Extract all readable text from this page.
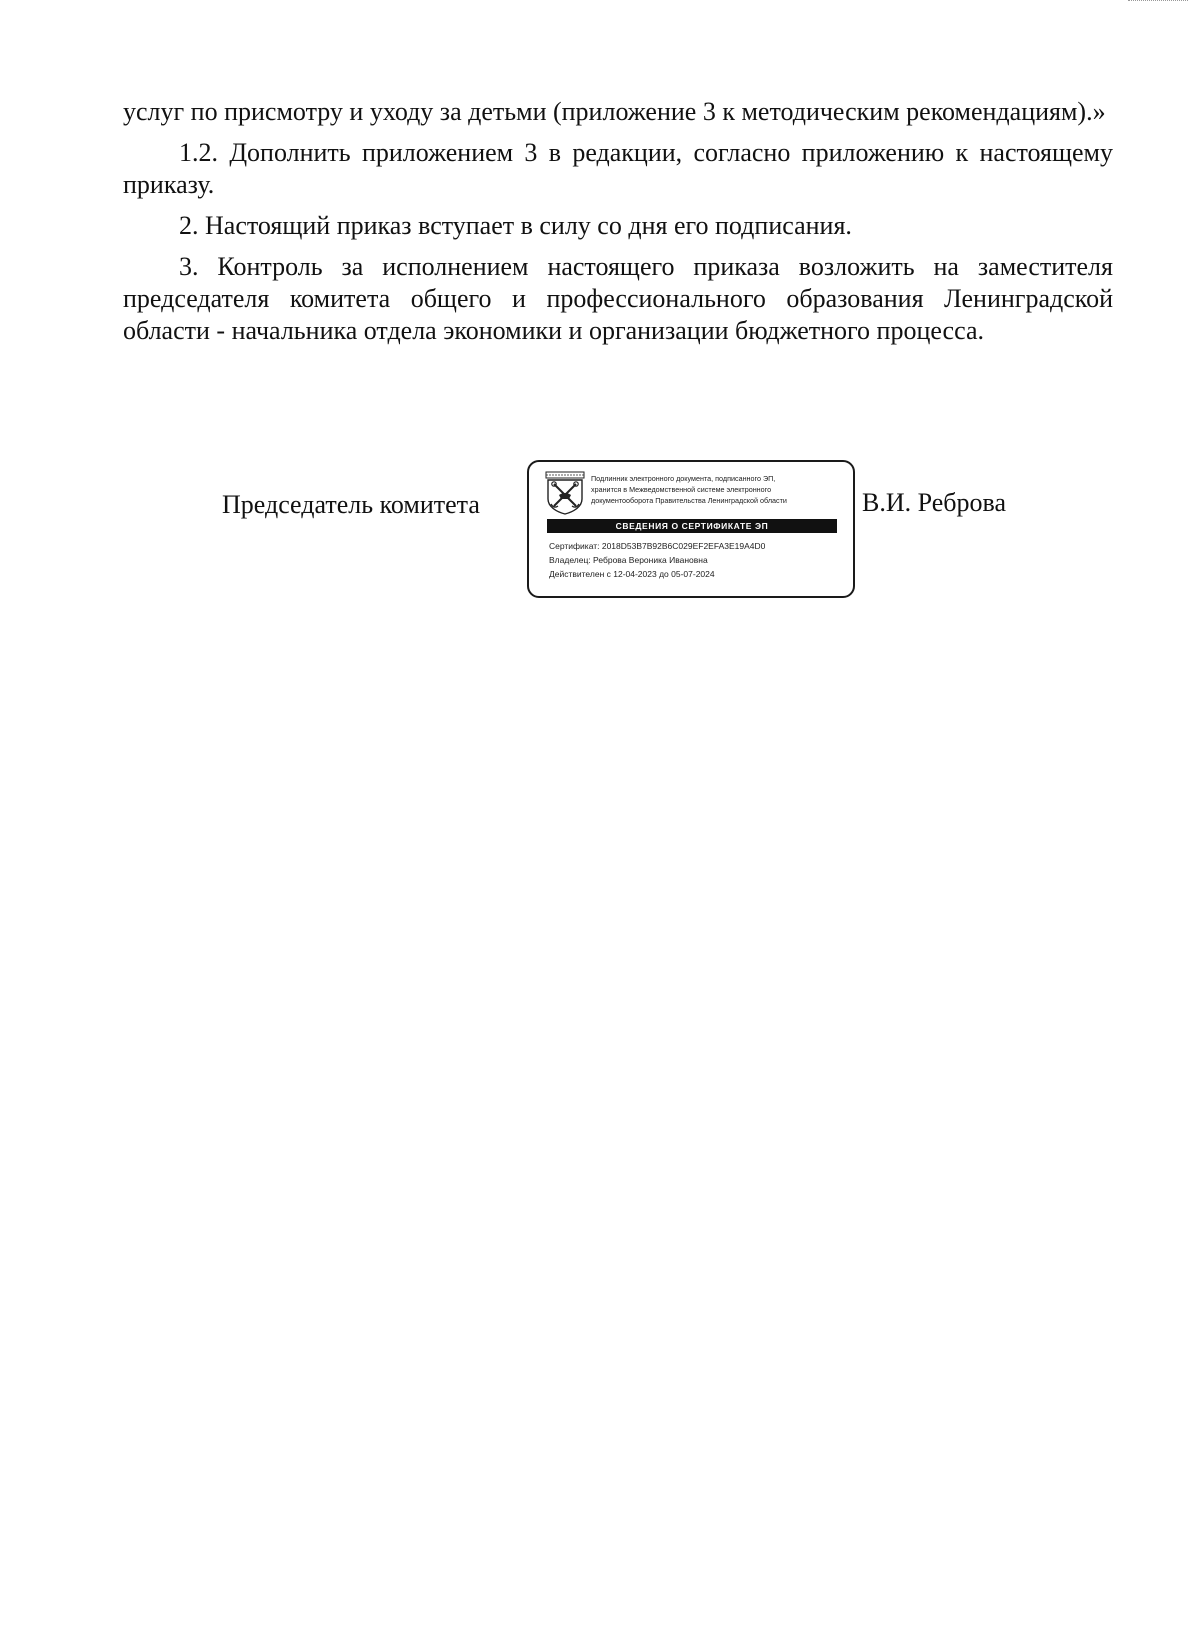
услуг по присмотру и уходу за детьми (приложение 3 к методическим рекомендациям).»

1.2. Дополнить приложением 3 в редакции, согласно приложению к настоящему приказу.

2. Настоящий приказ вступает в силу со дня его подписания.

3. Контроль за исполнением настоящего приказа возложить на заместителя председателя комитета общего и профессионального образования Ленинградской области - начальника отдела экономики и организации бюджетного процесса.

Председатель комитета
Подлинник электронного документа, подписанного ЭП,
хранится в Межведомственной системе электронного
документооборота Правительства Ленинградской области
СВЕДЕНИЯ О СЕРТИФИКАТЕ ЭП
Сертификат: 2018D53B7B92B6C029EF2EFA3E19A4D0
Владелец: Реброва Вероника Ивановна
Действителен с 12-04-2023 до 05-07-2024
В.И. Реброва
